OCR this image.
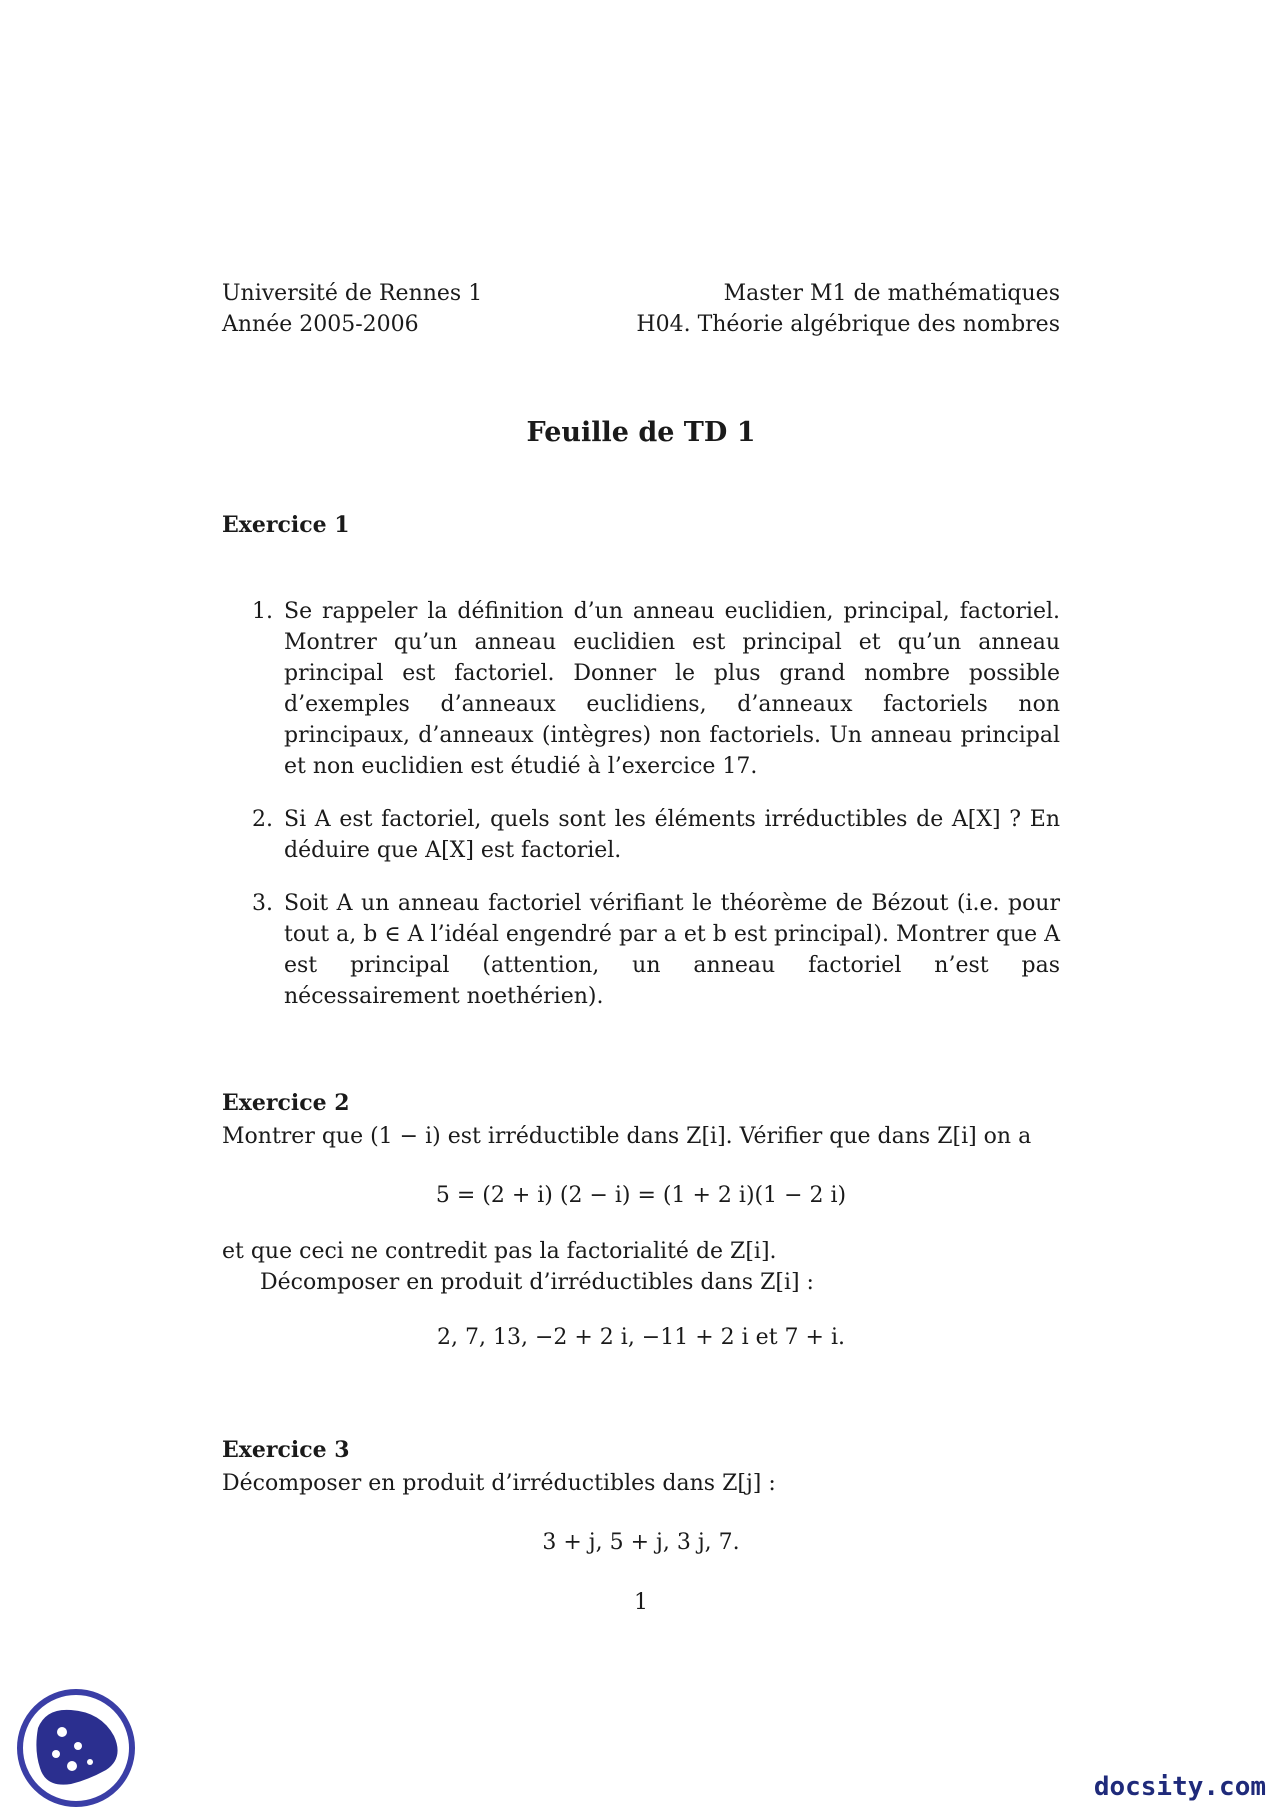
Université de Rennes 1
Année 2005-2006
Master M1 de mathématiques
H04. Théorie algébrique des nombres
Feuille de TD 1
Exercice 1
1. Se rappeler la définition d’un anneau euclidien, principal, factoriel. Montrer qu’un anneau euclidien est principal et qu’un anneau principal est factoriel. Donner le plus grand nombre possible d’exemples d’anneaux euclidiens, d’anneaux factoriels non principaux, d’anneaux (intègres) non factoriels. Un anneau principal et non euclidien est étudié à l’exercice 17.
2. Si A est factoriel, quels sont les éléments irréductibles de A[X] ? En déduire que A[X] est factoriel.
3. Soit A un anneau factoriel vérifiant le théorème de Bézout (i.e. pour tout a, b ∈ A l’idéal engendré par a et b est principal). Montrer que A est principal (attention, un anneau factoriel n’est pas nécessairement noethérien).
Exercice 2
Montrer que (1 − i) est irréductible dans Z[i]. Vérifier que dans Z[i] on a
5 = (2 + i) (2 − i) = (1 + 2 i)(1 − 2 i)
et que ceci ne contredit pas la factorialité de Z[i].
Décomposer en produit d’irréductibles dans Z[i] :
2, 7, 13, −2 + 2 i, −11 + 2 i et 7 + i.
Exercice 3
Décomposer en produit d’irréductibles dans Z[j] :
3 + j, 5 + j, 3 j, 7.
1
docsity.com
